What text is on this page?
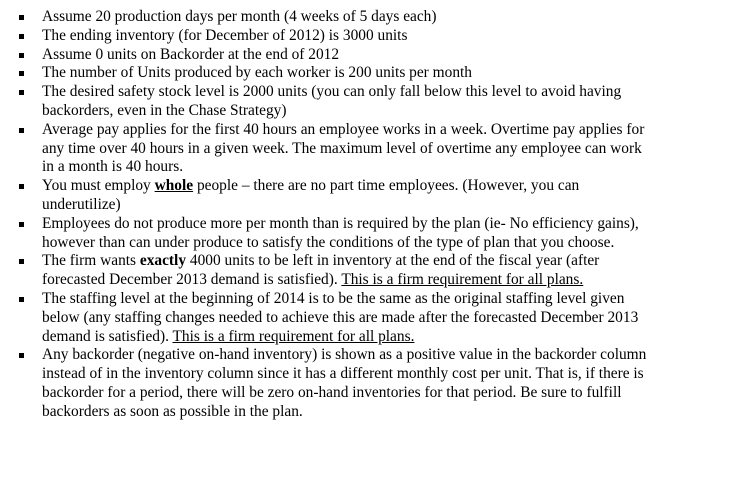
Assume 20 production days per month (4 weeks of 5 days each)
The ending inventory (for December of 2012) is 3000 units
Assume 0 units on Backorder at the end of 2012
The number of Units produced by each worker is 200 units per month
The desired safety stock level is 2000 units (you can only fall below this level to avoid having
backorders, even in the Chase Strategy)
Average pay applies for the first 40 hours an employee works in a week. Overtime pay applies for
any time over 40 hours in a given week. The maximum level of overtime any employee can work
in a month is 40 hours.
You must employ whole people – there are no part time employees. (However, you can
underutilize)
Employees do not produce more per month than is required by the plan (ie- No efficiency gains),
however than can under produce to satisfy the conditions of the type of plan that you choose.
The firm wants exactly 4000 units to be left in inventory at the end of the fiscal year (after
forecasted December 2013 demand is satisfied). This is a firm requirement for all plans.
The staffing level at the beginning of 2014 is to be the same as the original staffing level given
below (any staffing changes needed to achieve this are made after the forecasted December 2013
demand is satisfied). This is a firm requirement for all plans.
Any backorder (negative on-hand inventory) is shown as a positive value in the backorder column
instead of in the inventory column since it has a different monthly cost per unit. That is, if there is
backorder for a period, there will be zero on-hand inventories for that period. Be sure to fulfill
backorders as soon as possible in the plan.
